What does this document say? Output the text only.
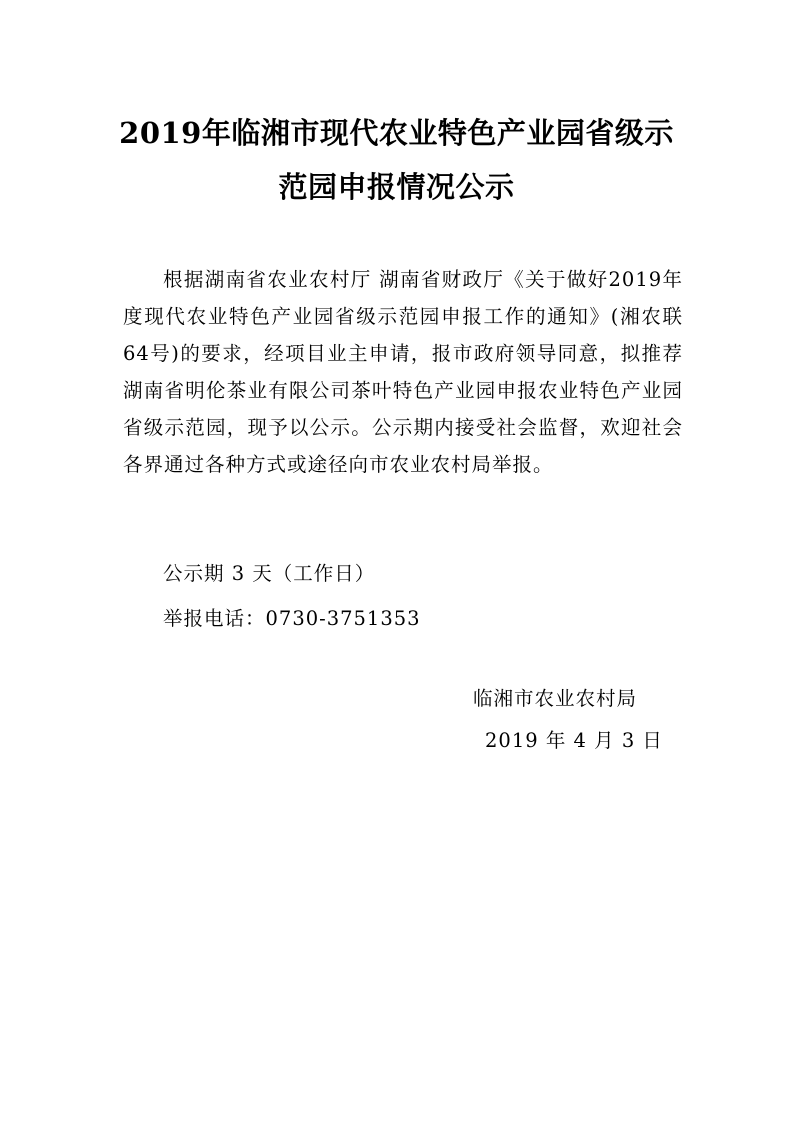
2019年临湘市现代农业特色产业园省级示
范园申报情况公示

根据湖南省农业农村厅 湖南省财政厅《关于做好2019年度现代农业特色产业园省级示范园申报工作的通知》(湘农联64号)的要求，经项目业主申请，报市政府领导同意，拟推荐湖南省明伦茶业有限公司茶叶特色产业园申报农业特色产业园省级示范园，现予以公示。公示期内接受社会监督，欢迎社会各界通过各种方式或途径向市农业农村局举报。

公示期 3 天（工作日）

举报电话：0730-3751353

临湘市农业农村局

2019 年 4 月 3 日
